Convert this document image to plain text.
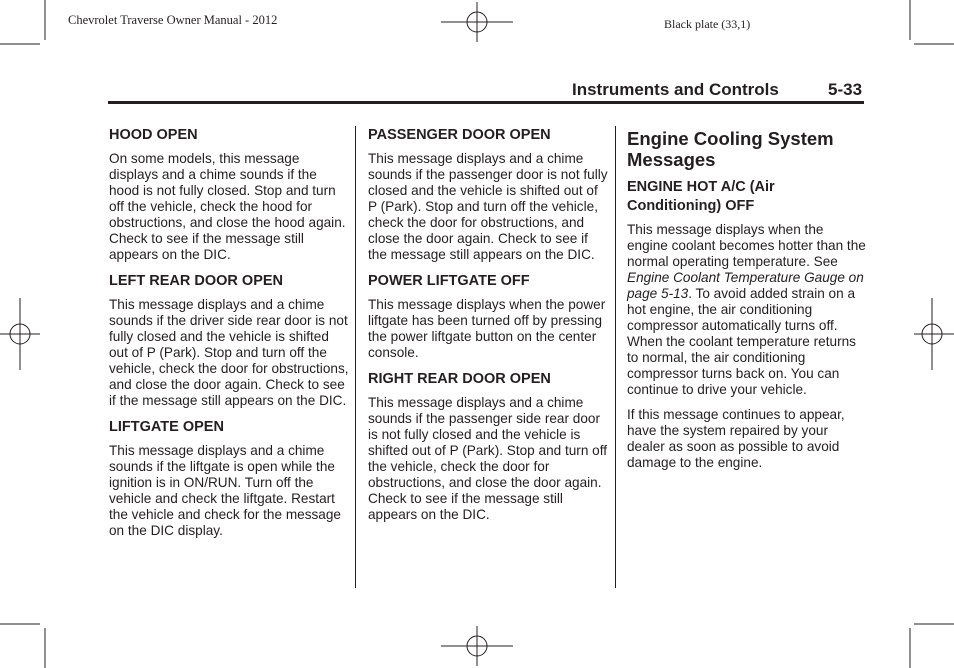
Chevrolet Traverse Owner Manual - 2012	Black plate (33,1)
Instruments and Controls	5-33
HOOD OPEN

On some models, this message displays and a chime sounds if the hood is not fully closed. Stop and turn off the vehicle, check the hood for obstructions, and close the hood again. Check to see if the message still appears on the DIC.

LEFT REAR DOOR OPEN

This message displays and a chime sounds if the driver side rear door is not fully closed and the vehicle is shifted out of P (Park). Stop and turn off the vehicle, check the door for obstructions, and close the door again. Check to see if the message still appears on the DIC.

LIFTGATE OPEN

This message displays and a chime sounds if the liftgate is open while the ignition is in ON/RUN. Turn off the vehicle and check the liftgate. Restart the vehicle and check for the message on the DIC display.

PASSENGER DOOR OPEN

This message displays and a chime sounds if the passenger door is not fully closed and the vehicle is shifted out of P (Park). Stop and turn off the vehicle, check the door for obstructions, and close the door again. Check to see if the message still appears on the DIC.

POWER LIFTGATE OFF

This message displays when the power liftgate has been turned off by pressing the power liftgate button on the center console.

RIGHT REAR DOOR OPEN

This message displays and a chime sounds if the passenger side rear door is not fully closed and the vehicle is shifted out of P (Park). Stop and turn off the vehicle, check the door for obstructions, and close the door again. Check to see if the message still appears on the DIC.

Engine Cooling System
Messages
ENGINE HOT A/C (Air
Conditioning) OFF

This message displays when the engine coolant becomes hotter than the normal operating temperature. See Engine Coolant Temperature Gauge on page 5-13. To avoid added strain on a hot engine, the air conditioning compressor automatically turns off. When the coolant temperature returns to normal, the air conditioning compressor turns back on. You can continue to drive your vehicle.

If this message continues to appear, have the system repaired by your dealer as soon as possible to avoid damage to the engine.
